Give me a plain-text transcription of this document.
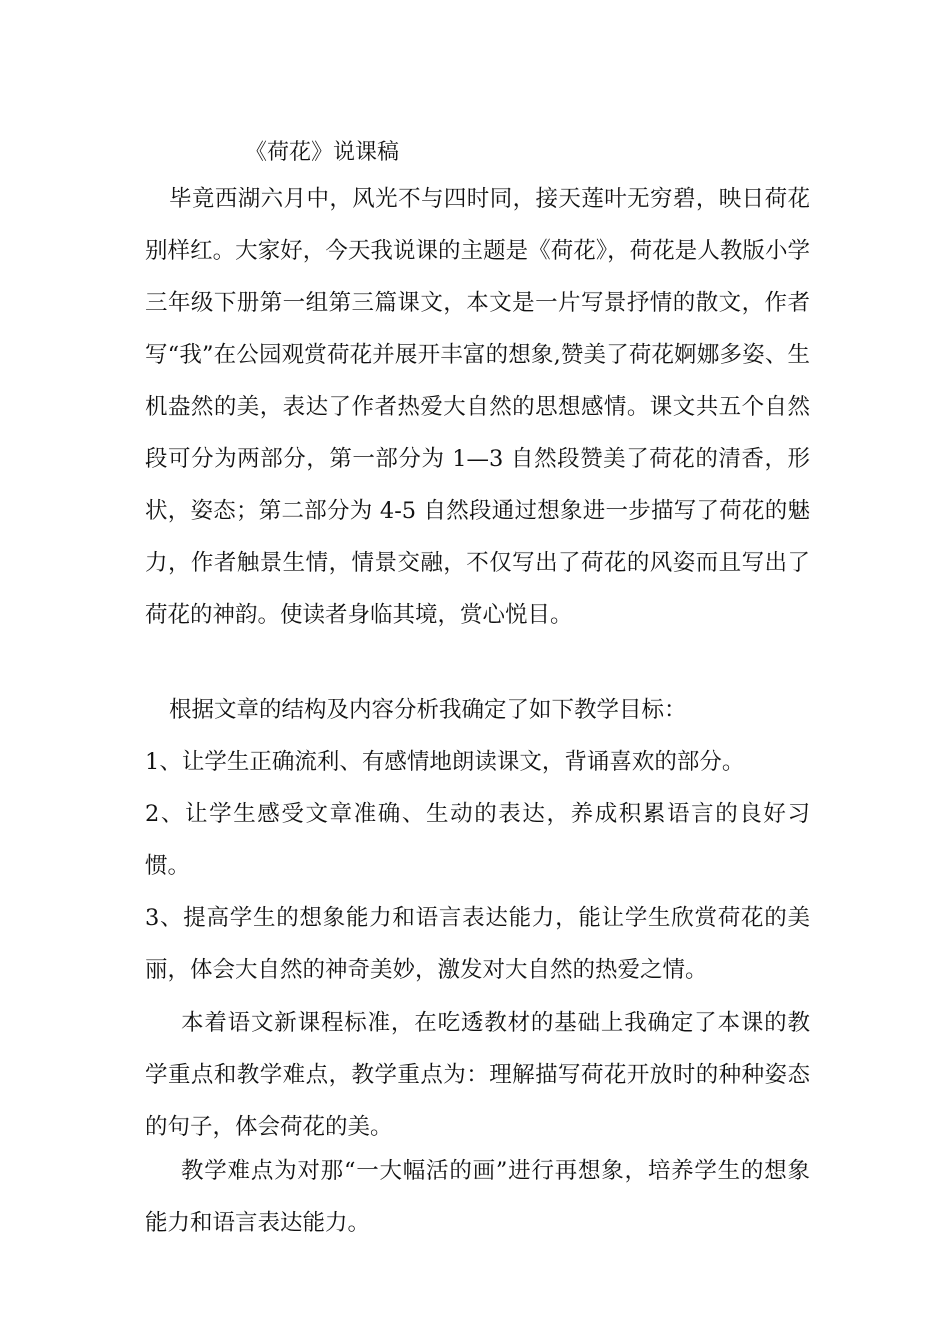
《荷花》说课稿

毕竟西湖六月中，风光不与四时同，接天莲叶无穷碧，映日荷花别样红。大家好，今天我说课的主题是《荷花》，荷花是人教版小学三年级下册第一组第三篇课文，本文是一片写景抒情的散文，作者写“我”在公园观赏荷花并展开丰富的想象,赞美了荷花婀娜多姿、生机盎然的美，表达了作者热爱大自然的思想感情。课文共五个自然段可分为两部分，第一部分为 1—3 自然段赞美了荷花的清香，形状，姿态；第二部分为 4-5 自然段通过想象进一步描写了荷花的魅力，作者触景生情，情景交融，不仅写出了荷花的风姿而且写出了荷花的神韵。使读者身临其境，赏心悦目。

根据文章的结构及内容分析我确定了如下教学目标：

1、让学生正确流利、有感情地朗读课文，背诵喜欢的部分。

2、让学生感受文章准确、生动的表达，养成积累语言的良好习惯。

3、提高学生的想象能力和语言表达能力，能让学生欣赏荷花的美丽，体会大自然的神奇美妙，激发对大自然的热爱之情。

本着语文新课程标准，在吃透教材的基础上我确定了本课的教学重点和教学难点，教学重点为：理解描写荷花开放时的种种姿态的句子，体会荷花的美。

教学难点为对那“一大幅活的画”进行再想象，培养学生的想象能力和语言表达能力。
